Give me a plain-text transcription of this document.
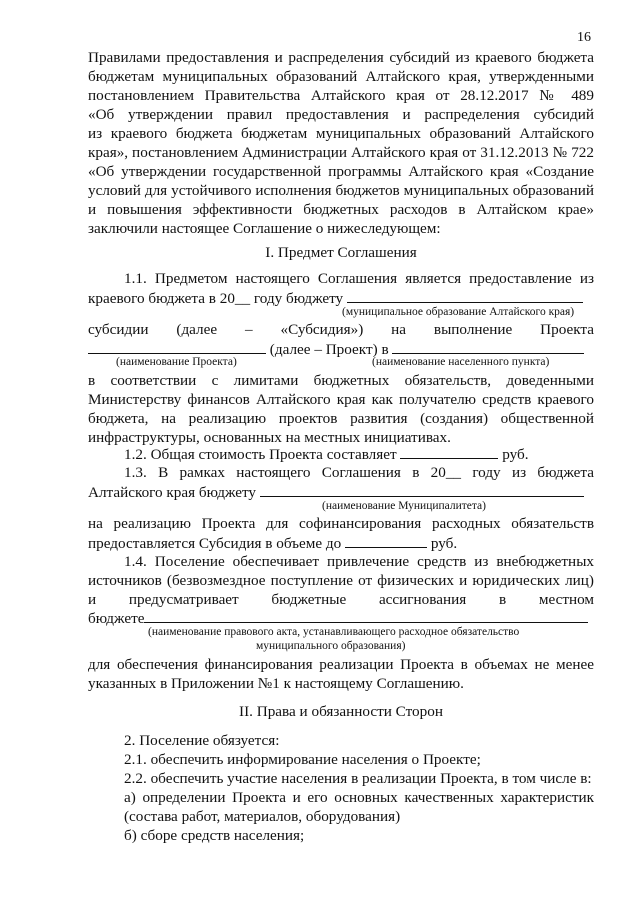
16
Правилами предоставления и распределения субсидий из краевого бюджета
бюджетам муниципальных образований Алтайского края, утвержденными
постановлением Правительства Алтайского края от 28.12.2017 № 489
«Об утверждении правил предоставления и распределения субсидий
из краевого бюджета бюджетам муниципальных образований Алтайского
края», постановлением Администрации Алтайского края от 31.12.2013 № 722
«Об утверждении государственной программы Алтайского края «Создание
условий для устойчивого исполнения бюджетов муниципальных образований
и повышения эффективности бюджетных расходов в Алтайском крае»
заключили настоящее Соглашение о нижеследующем:
I. Предмет Соглашения
1.1. Предметом настоящего Соглашения является предоставление из
краевого бюджета в 20__ году бюджету
(муниципальное образование Алтайского края)
субсидии (далее – «Субсидия») на выполнение Проекта
(далее – Проект) в
(наименование Проекта)	(наименование населенного пункта)
в соответствии с лимитами бюджетных обязательств, доведенными
Министерству финансов Алтайского края как получателю средств краевого
бюджета, на реализацию проектов развития (создания) общественной
инфраструктуры, основанных на местных инициативах.
1.2. Общая стоимость Проекта составляет	руб.
1.3. В рамках настоящего Соглашения в 20__ году из бюджета
Алтайского края бюджету
(наименование Муниципалитета)
на реализацию Проекта для софинансирования расходных обязательств
предоставляется Субсидия в объеме до	руб.
1.4. Поселение обеспечивает привлечение средств из внебюджетных
источников (безвозмездное поступление от физических и юридических лиц)
и предусматривает бюджетные ассигнования в местном
бюджете
(наименование правового акта, устанавливающего расходное обязательство
муниципального образования)
для обеспечения финансирования реализации Проекта в объемах не менее
указанных в Приложении №1 к настоящему Соглашению.
II. Права и обязанности Сторон
2. Поселение обязуется:
2.1. обеспечить информирование населения о Проекте;
2.2. обеспечить участие населения в реализации Проекта, в том числе в:
а) определении Проекта и его основных качественных характеристик
(состава работ, материалов, оборудования)
б) сборе средств населения;
